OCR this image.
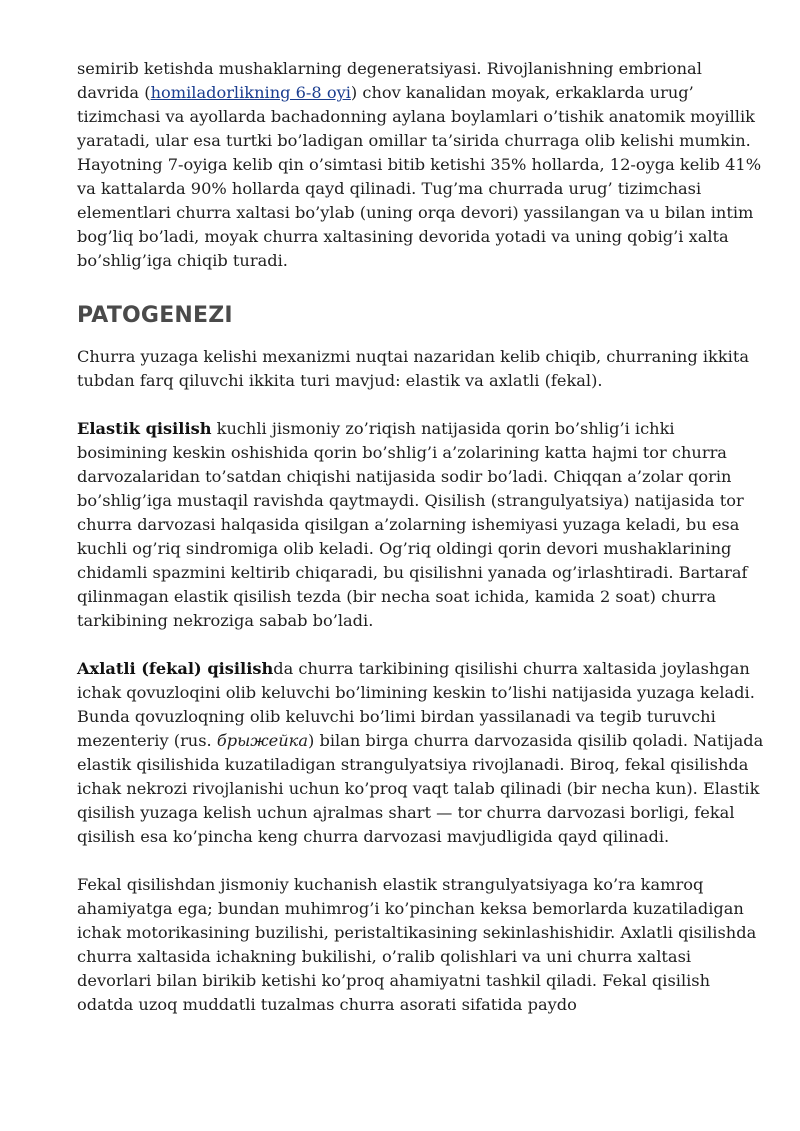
semirib ketishda mushaklarning degeneratsiyasi. Rivojlanishning embrional davrida (homiladorlikning 6-8 oyi) chov kanalidan moyak, erkaklarda urug’ tizimchasi va ayollarda bachadonning aylana boylamlari o’tishik anatomik moyillik yaratadi, ular esa turtki bo’ladigan omillar ta’sirida churraga olib kelishi mumkin. Hayotning 7-oyiga kelib qin o’simtasi bitib ketishi 35% hollarda, 12-oyga kelib 41% va kattalarda 90% hollarda qayd qilinadi. Tug’ma churrada urug’ tizimchasi elementlari churra xaltasi bo’ylab (uning orqa devori) yassilangan va u bilan intim bog’liq bo’ladi, moyak churra xaltasining devorida yotadi va uning qobig’i xalta bo’shlig’iga chiqib turadi.

PATOGENEZI

Churra yuzaga kelishi mexanizmi nuqtai nazaridan kelib chiqib, churraning ikkita tubdan farq qiluvchi ikkita turi mavjud: elastik va axlatli (fekal).

Elastik qisilish kuchli jismoniy zo’riqish natijasida qorin bo’shlig’i ichki bosimining keskin oshishida qorin bo’shlig’i a’zolarining katta hajmi tor churra darvozalaridan to’satdan chiqishi natijasida sodir bo’ladi. Chiqqan a’zolar qorin bo’shlig’iga mustaqil ravishda qaytmaydi. Qisilish (strangulyatsiya) natijasida tor churra darvozasi halqasida qisilgan a’zolarning ishemiyasi yuzaga keladi, bu esa kuchli og’riq sindromiga olib keladi. Og’riq oldingi qorin devori mushaklarining chidamli spazmini keltirib chiqaradi, bu qisilishni yanada og’irlashtiradi. Bartaraf qilinmagan elastik qisilish tezda (bir necha soat ichida, kamida 2 soat) churra tarkibining nekroziga sabab bo’ladi.

Axlatli (fekal) qisilishda churra tarkibining qisilishi churra xaltasida joylashgan ichak qovuzloqini olib keluvchi bo’limining keskin to’lishi natijasida yuzaga keladi. Bunda qovuzloqning olib keluvchi bo’limi birdan yassilanadi va tegib turuvchi mezenteriy (rus. брыжейка) bilan birga churra darvozasida qisilib qoladi. Natijada elastik qisilishida kuzatiladigan strangulyatsiya rivojlanadi. Biroq, fekal qisilishda ichak nekrozi rivojlanishi uchun ko’proq vaqt talab qilinadi (bir necha kun). Elastik qisilish yuzaga kelish uchun ajralmas shart — tor churra darvozasi borligi, fekal qisilish esa ko’pincha keng churra darvozasi mavjudligida qayd qilinadi.

Fekal qisilishdan jismoniy kuchanish elastik strangulyatsiyaga ko’ra kamroq ahamiyatga ega; bundan muhimrog’i ko’pinchan keksa bemorlarda kuzatiladigan ichak motorikasining buzilishi, peristaltikasining sekinlashishidir. Axlatli qisilishda churra xaltasida ichakning bukilishi, o’ralib qolishlari va uni churra xaltasi devorlari bilan birikib ketishi ko’proq ahamiyatni tashkil qiladi. Fekal qisilish odatda uzoq muddatli tuzalmas churra asorati sifatida paydo
